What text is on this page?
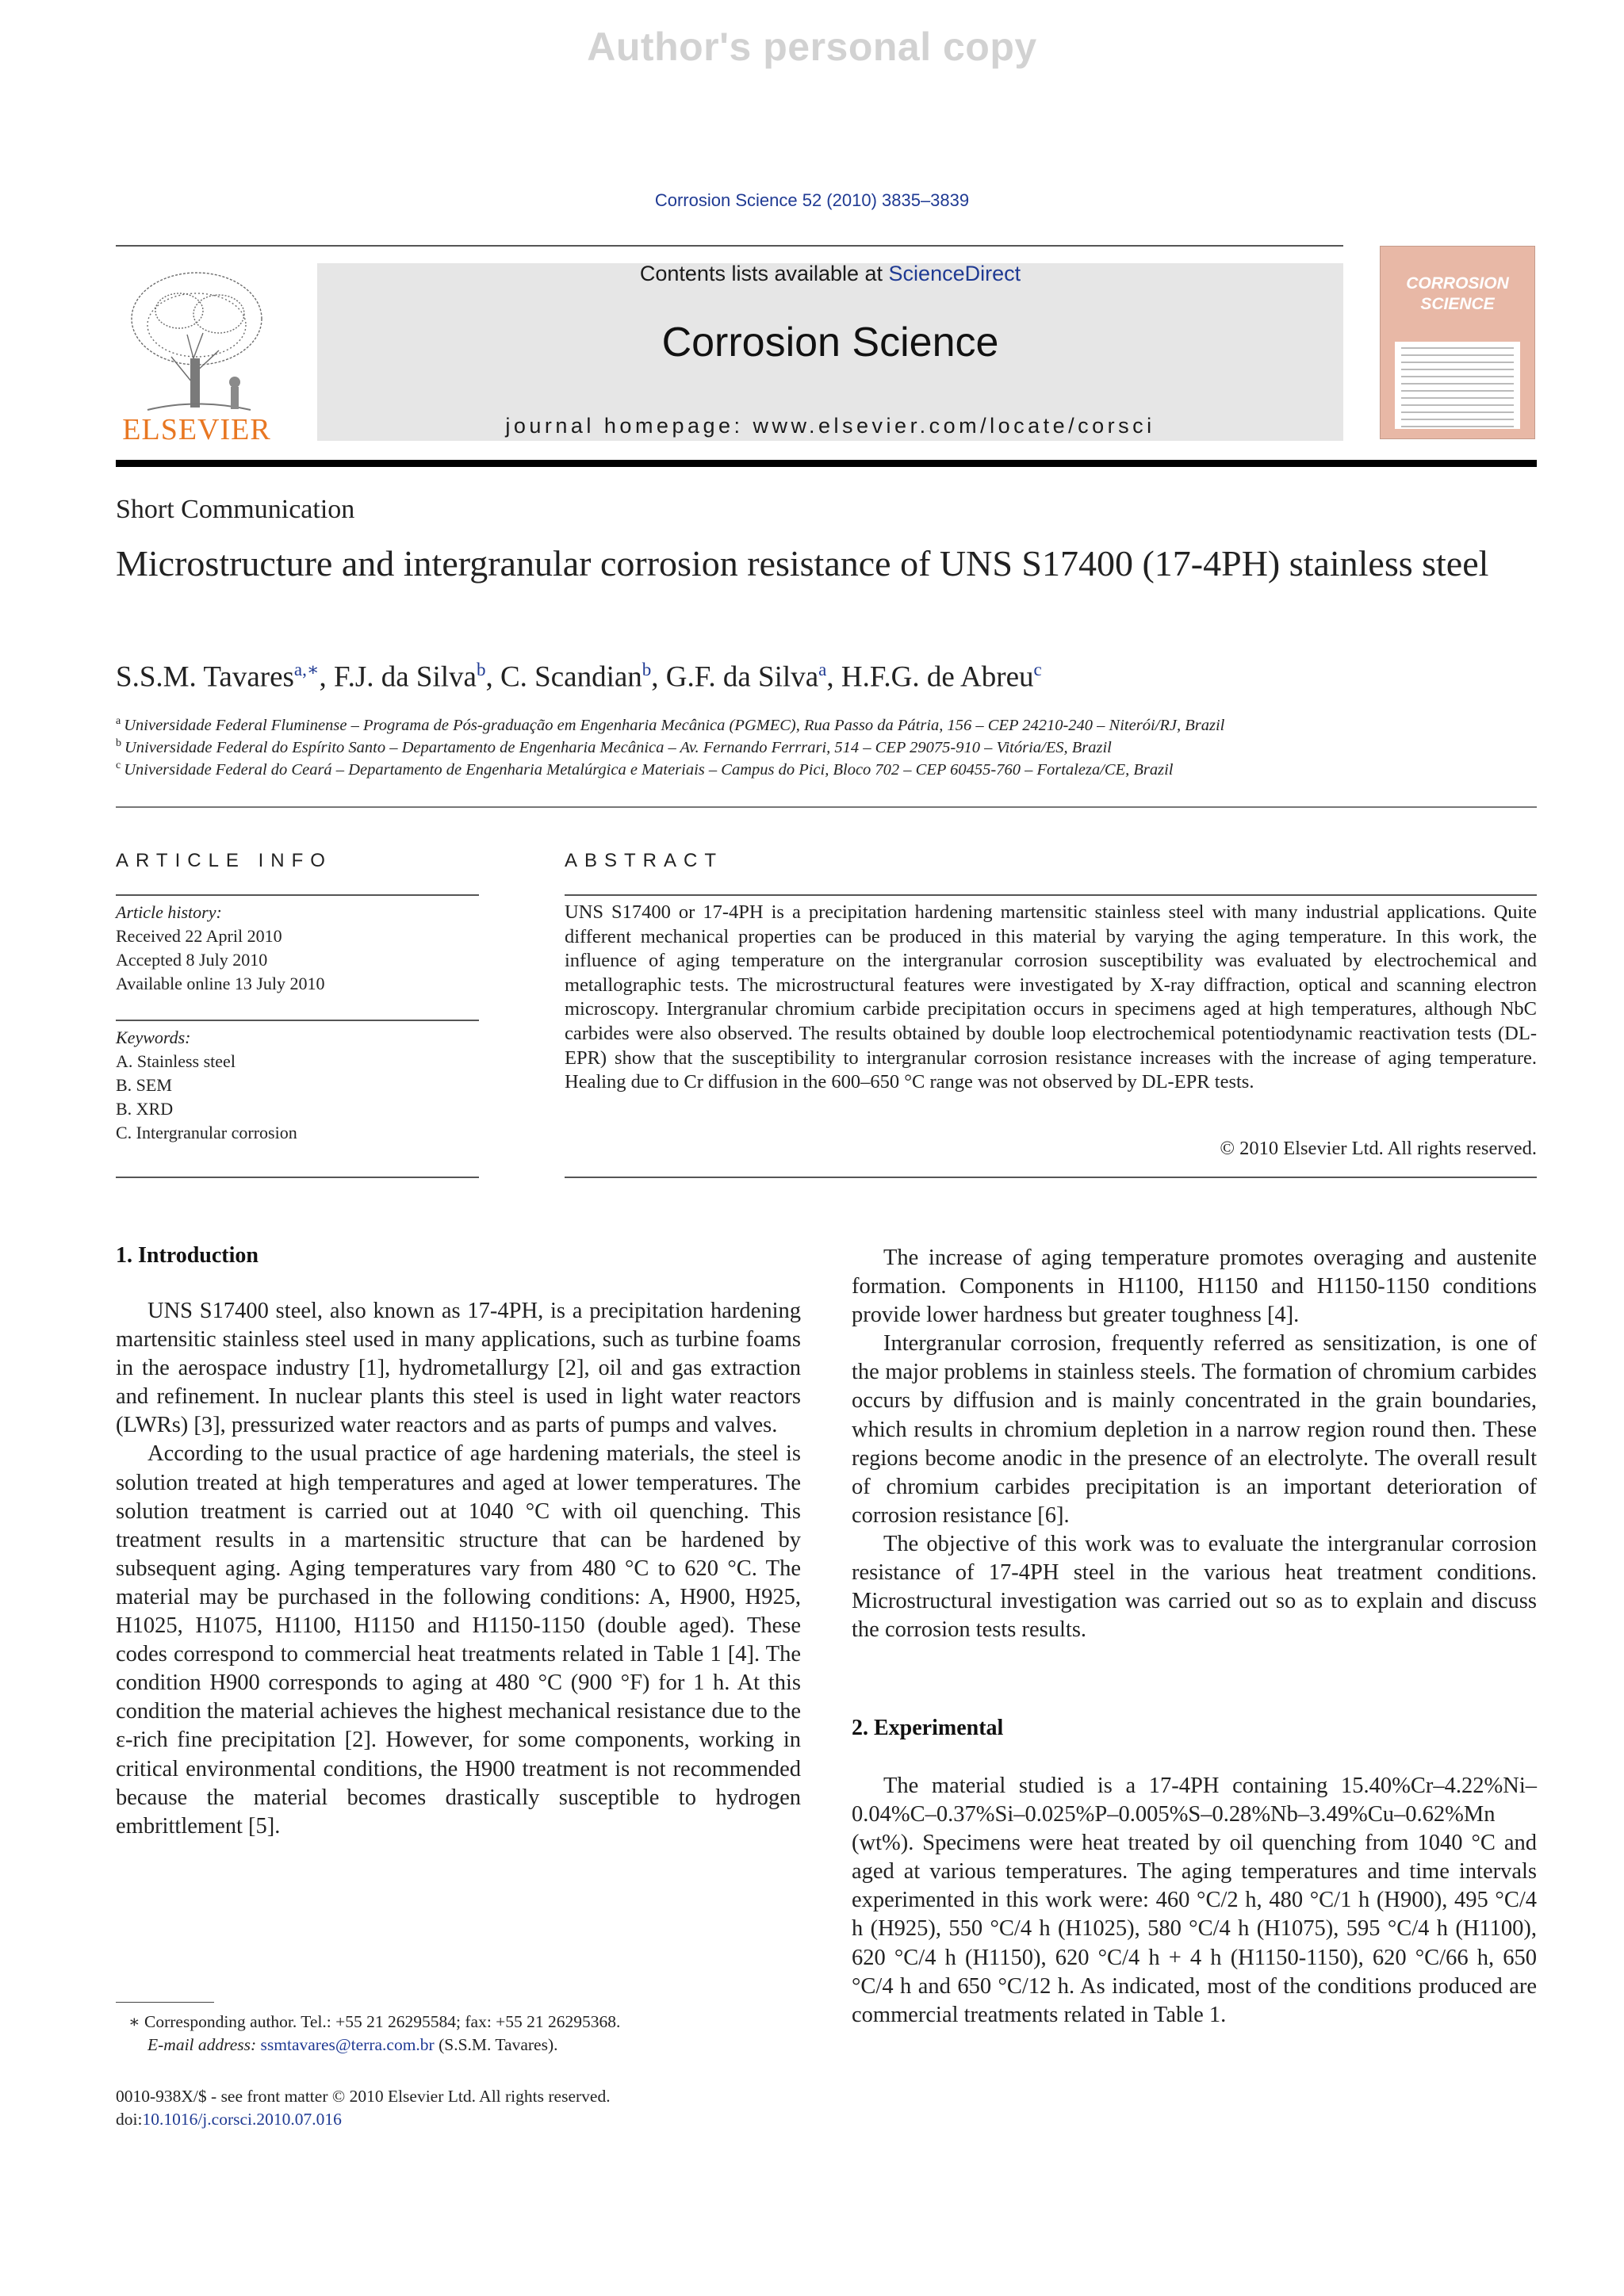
Author's personal copy
Corrosion Science 52 (2010) 3835–3839
ELSEVIER
Contents lists available at ScienceDirect
Corrosion Science
journal homepage: www.elsevier.com/locate/corsci
CORROSION
SCIENCE
Short Communication
Microstructure and intergranular corrosion resistance of UNS S17400 (17-4PH) stainless steel
S.S.M. Tavares$^{a,∗}$, F.J. da Silva$^b$, C. Scandian$^b$, G.F. da Silva$^a$, H.F.G. de Abreu$^c$
$^a$ Universidade Federal Fluminense – Programa de Pós-graduação em Engenharia Mecânica (PGMEC), Rua Passo da Pátria, 156 – CEP 24210-240 – Niterói/RJ, Brazil
$^b$ Universidade Federal do Espírito Santo – Departamento de Engenharia Mecânica – Av. Fernando Ferrrari, 514 – CEP 29075-910 – Vitória/ES, Brazil
$^c$ Universidade Federal do Ceará – Departamento de Engenharia Metalúrgica e Materiais – Campus do Pici, Bloco 702 – CEP 60455-760 – Fortaleza/CE, Brazil
ARTICLE INFO
Article history:
Received 22 April 2010
Accepted 8 July 2010
Available online 13 July 2010
Keywords:
A. Stainless steel
B. SEM
B. XRD
C. Intergranular corrosion
ABSTRACT
UNS S17400 or 17-4PH is a precipitation hardening martensitic stainless steel with many industrial applications. Quite different mechanical properties can be produced in this material by varying the aging temperature. In this work, the influence of aging temperature on the intergranular corrosion susceptibility was evaluated by electrochemical and metallographic tests. The microstructural features were investigated by X-ray diffraction, optical and scanning electron microscopy. Intergranular chromium carbide precipitation occurs in specimens aged at high temperatures, although NbC carbides were also observed. The results obtained by double loop electrochemical potentiodynamic reactivation tests (DL-EPR) show that the susceptibility to intergranular corrosion resistance increases with the increase of aging temperature. Healing due to Cr diffusion in the 600–650 °C range was not observed by DL-EPR tests.
© 2010 Elsevier Ltd. All rights reserved.
1. Introduction

UNS S17400 steel, also known as 17-4PH, is a precipitation hardening martensitic stainless steel used in many applications, such as turbine foams in the aerospace industry [1], hydrometallurgy [2], oil and gas extraction and refinement. In nuclear plants this steel is used in light water reactors (LWRs) [3], pressurized water reactors and as parts of pumps and valves.

According to the usual practice of age hardening materials, the steel is solution treated at high temperatures and aged at lower temperatures. The solution treatment is carried out at 1040 °C with oil quenching. This treatment results in a martensitic structure that can be hardened by subsequent aging. Aging temperatures vary from 480 °C to 620 °C. The material may be purchased in the following conditions: A, H900, H925, H1025, H1075, H1100, H1150 and H1150-1150 (double aged). These codes correspond to commercial heat treatments related in Table 1 [4]. The condition H900 corresponds to aging at 480 °C (900 °F) for 1 h. At this condition the material achieves the highest mechanical resistance due to the ε-rich fine precipitation [2]. However, for some components, working in critical environmental conditions, the H900 treatment is not recommended because the material becomes drastically susceptible to hydrogen embrittlement [5].

The increase of aging temperature promotes overaging and austenite formation. Components in H1100, H1150 and H1150-1150 conditions provide lower hardness but greater toughness [4].

Intergranular corrosion, frequently referred as sensitization, is one of the major problems in stainless steels. The formation of chromium carbides occurs by diffusion and is mainly concentrated in the grain boundaries, which results in chromium depletion in a narrow region round then. These regions become anodic in the presence of an electrolyte. The overall result of chromium carbides precipitation is an important deterioration of corrosion resistance [6].

The objective of this work was to evaluate the intergranular corrosion resistance of 17-4PH steel in the various heat treatment conditions. Microstructural investigation was carried out so as to explain and discuss the corrosion tests results.

2. Experimental

The material studied is a 17-4PH containing 15.40%Cr–4.22%Ni–0.04%C–0.37%Si–0.025%P–0.005%S–0.28%Nb–3.49%Cu–0.62%Mn (wt%). Specimens were heat treated by oil quenching from 1040 °C and aged at various temperatures. The aging temperatures and time intervals experimented in this work were: 460 °C/2 h, 480 °C/1 h (H900), 495 °C/4 h (H925), 550 °C/4 h (H1025), 580 °C/4 h (H1075), 595 °C/4 h (H1100), 620 °C/4 h (H1150), 620 °C/4 h + 4 h (H1150-1150), 620 °C/66 h, 650 °C/4 h and 650 °C/12 h. As indicated, most of the conditions produced are commercial treatments related in Table 1.

∗ Corresponding author. Tel.: +55 21 26295584; fax: +55 21 26295368.
E-mail address: ssmtavares@terra.com.br (S.S.M. Tavares).
0010-938X/$ - see front matter © 2010 Elsevier Ltd. All rights reserved.
doi:10.1016/j.corsci.2010.07.016
